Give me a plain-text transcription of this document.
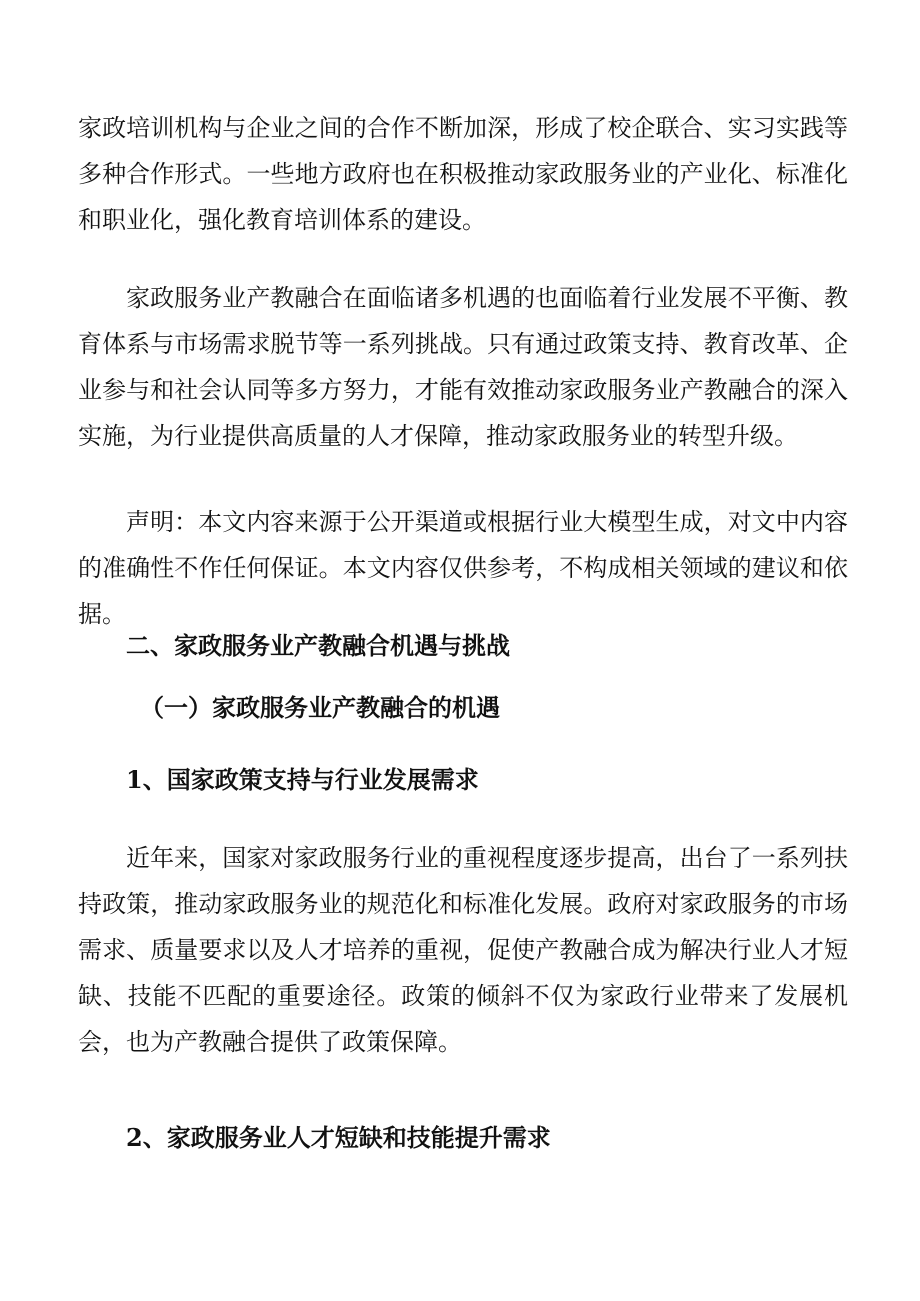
家政培训机构与企业之间的合作不断加深，形成了校企联合、实习实践等多种合作形式。一些地方政府也在积极推动家政服务业的产业化、标准化和职业化，强化教育培训体系的建设。

家政服务业产教融合在面临诸多机遇的也面临着行业发展不平衡、教育体系与市场需求脱节等一系列挑战。只有通过政策支持、教育改革、企业参与和社会认同等多方努力，才能有效推动家政服务业产教融合的深入实施，为行业提供高质量的人才保障，推动家政服务业的转型升级。

声明：本文内容来源于公开渠道或根据行业大模型生成，对文中内容的准确性不作任何保证。本文内容仅供参考，不构成相关领域的建议和依据。

二、家政服务业产教融合机遇与挑战
（一）家政服务业产教融合的机遇
1、国家政策支持与行业发展需求

近年来，国家对家政服务行业的重视程度逐步提高，出台了一系列扶持政策，推动家政服务业的规范化和标准化发展。政府对家政服务的市场需求、质量要求以及人才培养的重视，促使产教融合成为解决行业人才短缺、技能不匹配的重要途径。政策的倾斜不仅为家政行业带来了发展机会，也为产教融合提供了政策保障。

2、家政服务业人才短缺和技能提升需求
